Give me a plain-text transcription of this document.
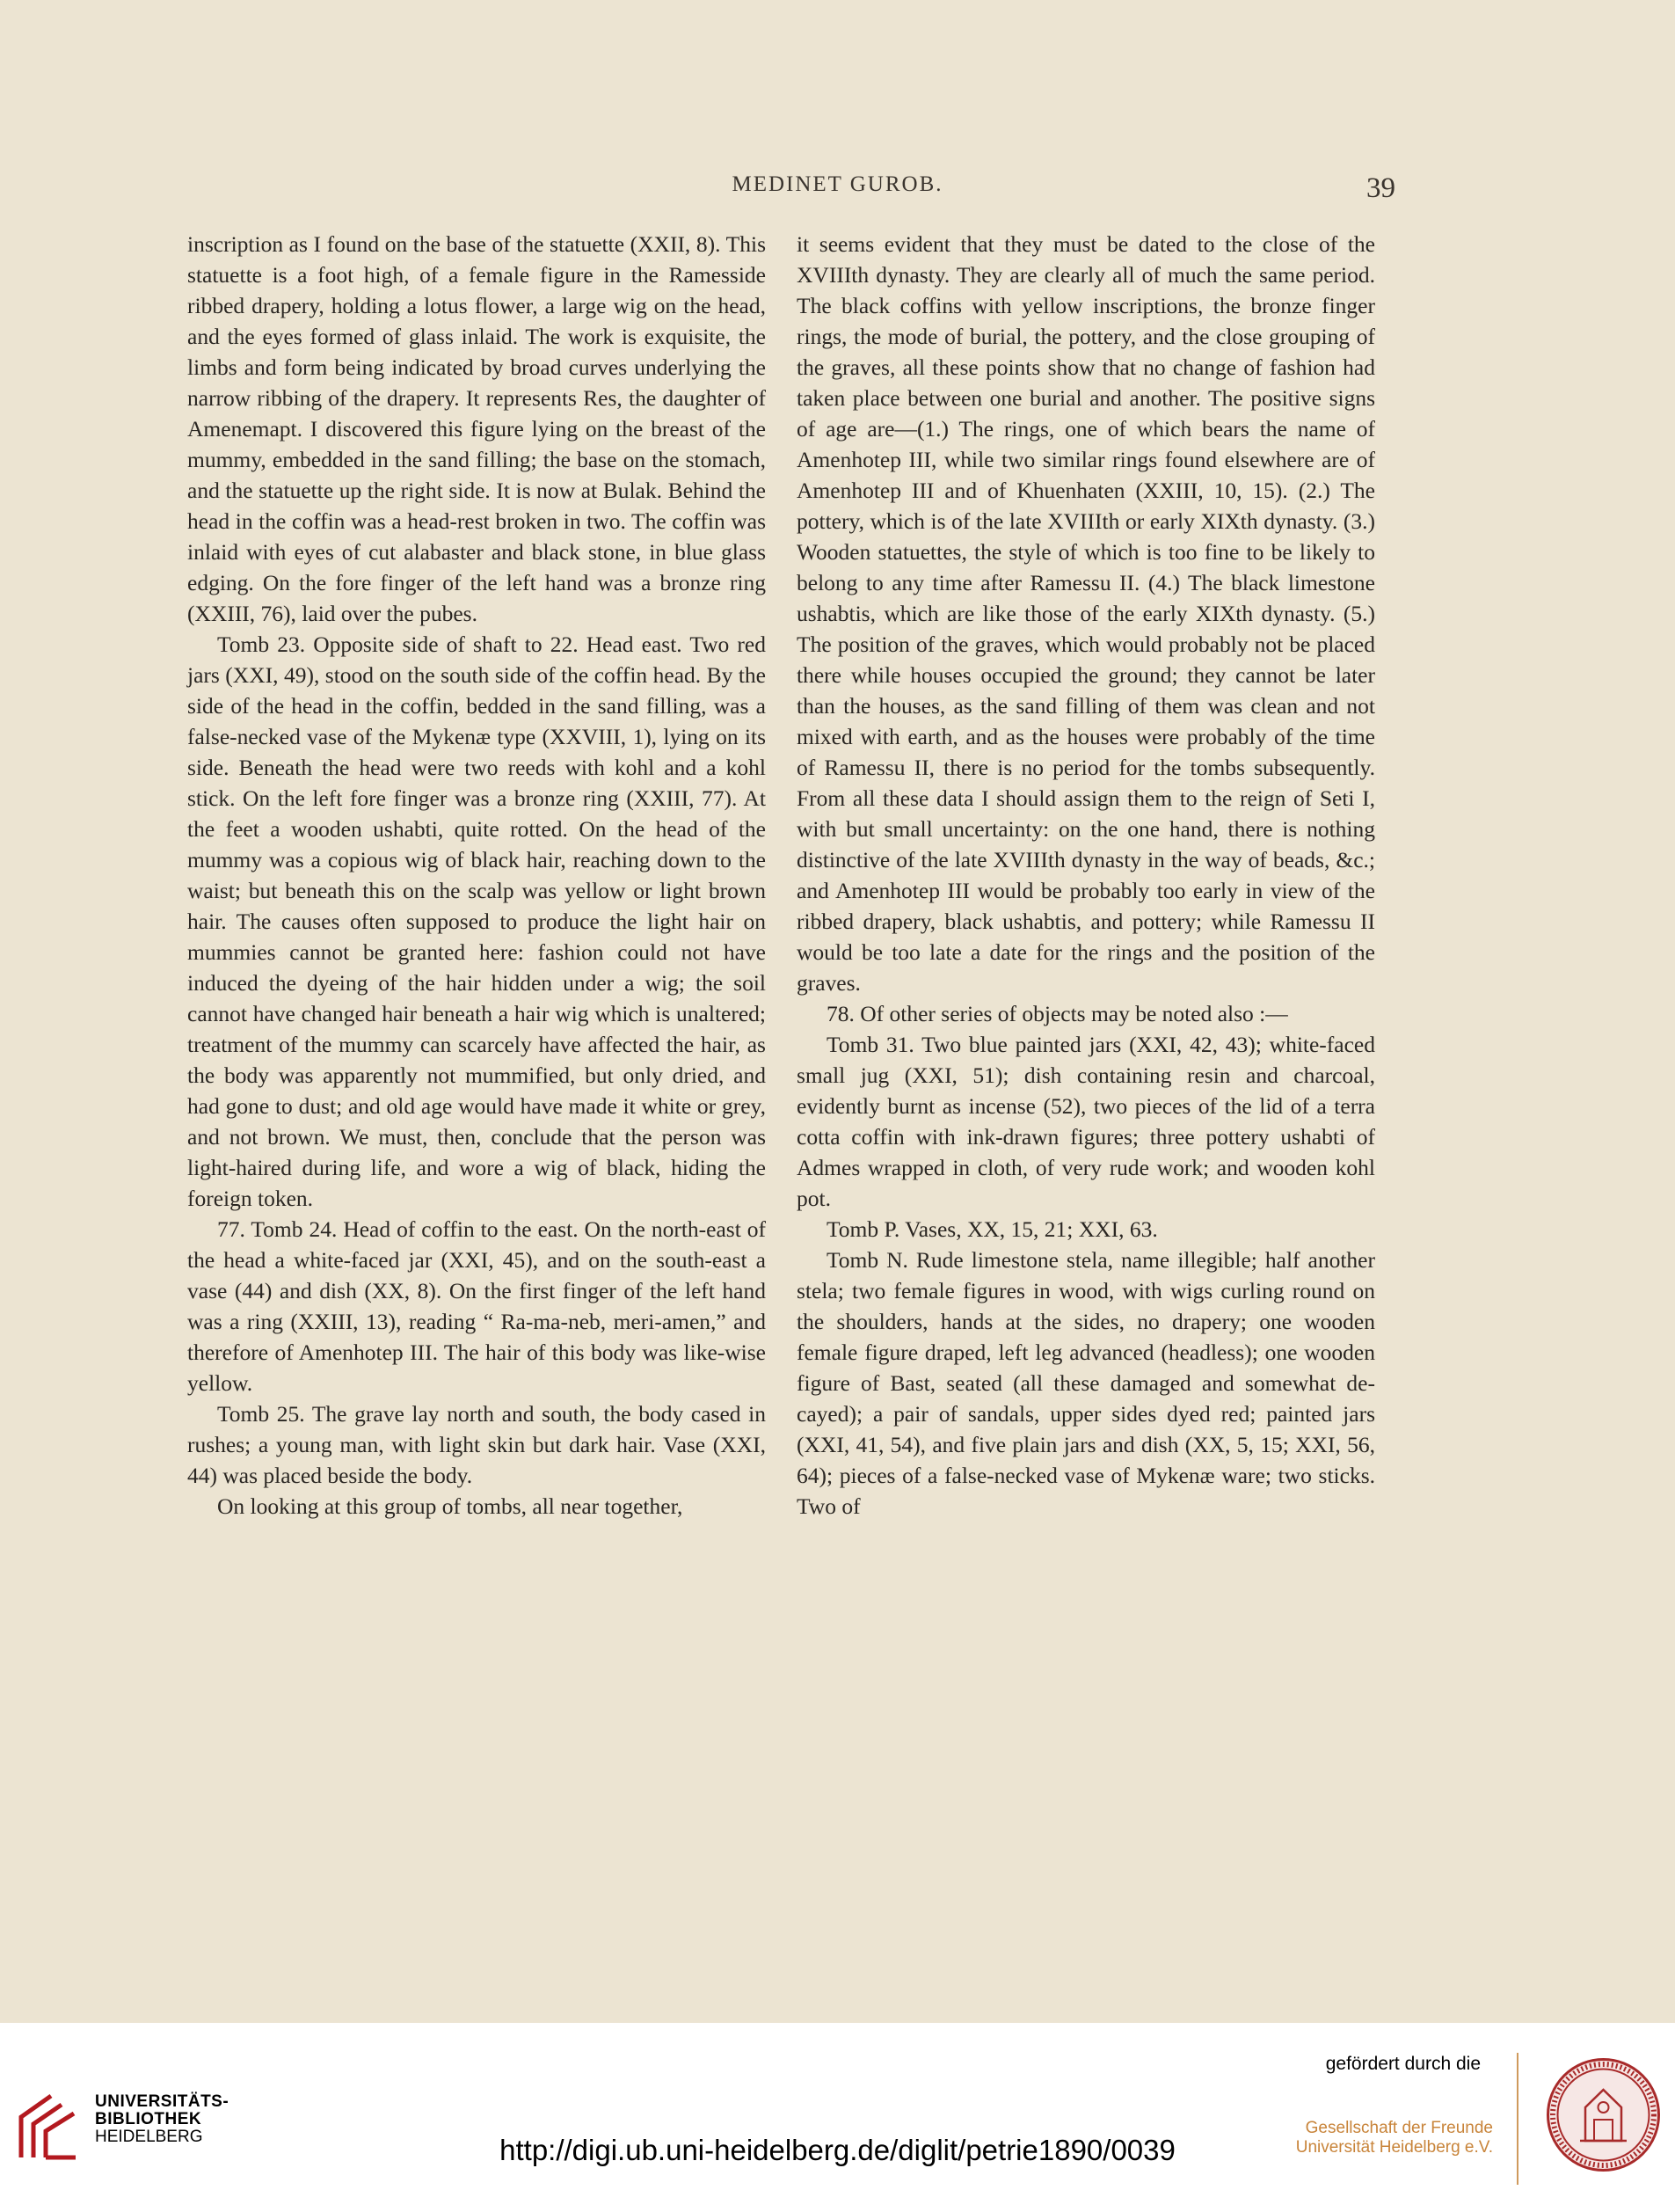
MEDINET GUROB.	39

inscription as I found on the base of the statuette (XXII, 8). This statuette is a foot high, of a female figure in the Ramesside ribbed drapery, holding a lotus flower, a large wig on the head, and the eyes formed of glass inlaid. The work is exquisite, the limbs and form being indicated by broad curves underlying the narrow ribbing of the drapery. It represents Res, the daughter of Amenemapt. I discovered this figure lying on the breast of the mummy, embedded in the sand filling; the base on the stomach, and the statuette up the right side. It is now at Bulak. Behind the head in the coffin was a head-rest broken in two. The coffin was inlaid with eyes of cut alabaster and black stone, in blue glass edging. On the fore finger of the left hand was a bronze ring (XXIII, 76), laid over the pubes.

Tomb 23. Opposite side of shaft to 22. Head east. Two red jars (XXI, 49), stood on the south side of the coffin head. By the side of the head in the coffin, bedded in the sand filling, was a false-necked vase of the Mykenæ type (XXVIII, 1), lying on its side. Beneath the head were two reeds with kohl and a kohl stick. On the left fore finger was a bronze ring (XXIII, 77). At the feet a wooden ushabti, quite rotted. On the head of the mummy was a copious wig of black hair, reaching down to the waist; but beneath this on the scalp was yellow or light brown hair. The causes often supposed to produce the light hair on mummies cannot be granted here: fashion could not have induced the dyeing of the hair hidden under a wig; the soil cannot have changed hair beneath a hair wig which is unaltered; treatment of the mummy can scarcely have affected the hair, as the body was apparently not mummified, but only dried, and had gone to dust; and old age would have made it white or grey, and not brown. We must, then, conclude that the person was light-haired during life, and wore a wig of black, hiding the foreign token.

77. Tomb 24. Head of coffin to the east. On the north-east of the head a white-faced jar (XXI, 45), and on the south-east a vase (44) and dish (XX, 8). On the first finger of the left hand was a ring (XXIII, 13), reading “ Ra-ma-neb, meri-amen,” and therefore of Amenhotep III. The hair of this body was like-wise yellow.

Tomb 25. The grave lay north and south, the body cased in rushes; a young man, with light skin but dark hair. Vase (XXI, 44) was placed beside the body.

On looking at this group of tombs, all near together,

it seems evident that they must be dated to the close of the XVIIIth dynasty. They are clearly all of much the same period. The black coffins with yellow inscriptions, the bronze finger rings, the mode of burial, the pottery, and the close grouping of the graves, all these points show that no change of fashion had taken place between one burial and another. The positive signs of age are—(1.) The rings, one of which bears the name of Amenhotep III, while two similar rings found elsewhere are of Amenhotep III and of Khuenhaten (XXIII, 10, 15). (2.) The pottery, which is of the late XVIIIth or early XIXth dynasty. (3.) Wooden statuettes, the style of which is too fine to be likely to belong to any time after Ramessu II. (4.) The black limestone ushabtis, which are like those of the early XIXth dynasty. (5.) The position of the graves, which would probably not be placed there while houses occupied the ground; they cannot be later than the houses, as the sand filling of them was clean and not mixed with earth, and as the houses were probably of the time of Ramessu II, there is no period for the tombs subsequently. From all these data I should assign them to the reign of Seti I, with but small uncertainty: on the one hand, there is nothing distinctive of the late XVIIIth dynasty in the way of beads, &c.; and Amenhotep III would be probably too early in view of the ribbed drapery, black ushabtis, and pottery; while Ramessu II would be too late a date for the rings and the position of the graves.

78. Of other series of objects may be noted also :—

Tomb 31. Two blue painted jars (XXI, 42, 43); white-faced small jug (XXI, 51); dish containing resin and charcoal, evidently burnt as incense (52), two pieces of the lid of a terra cotta coffin with ink-drawn figures; three pottery ushabti of Admes wrapped in cloth, of very rude work; and wooden kohl pot.

Tomb P. Vases, XX, 15, 21; XXI, 63.

Tomb N. Rude limestone stela, name illegible; half another stela; two female figures in wood, with wigs curling round on the shoulders, hands at the sides, no drapery; one wooden female figure draped, left leg advanced (headless); one wooden figure of Bast, seated (all these damaged and somewhat de-cayed); a pair of sandals, upper sides dyed red; painted jars (XXI, 41, 54), and five plain jars and dish (XX, 5, 15; XXI, 56, 64); pieces of a false-necked vase of Mykenæ ware; two sticks. Two of

UNIVERSITÄTS-
BIBLIOTHEK
HEIDELBERG	http://digi.ub.uni-heidelberg.de/diglit/petrie1890/0039
gefördert durch die
Gesellschaft der Freunde
Universität Heidelberg e.V.
